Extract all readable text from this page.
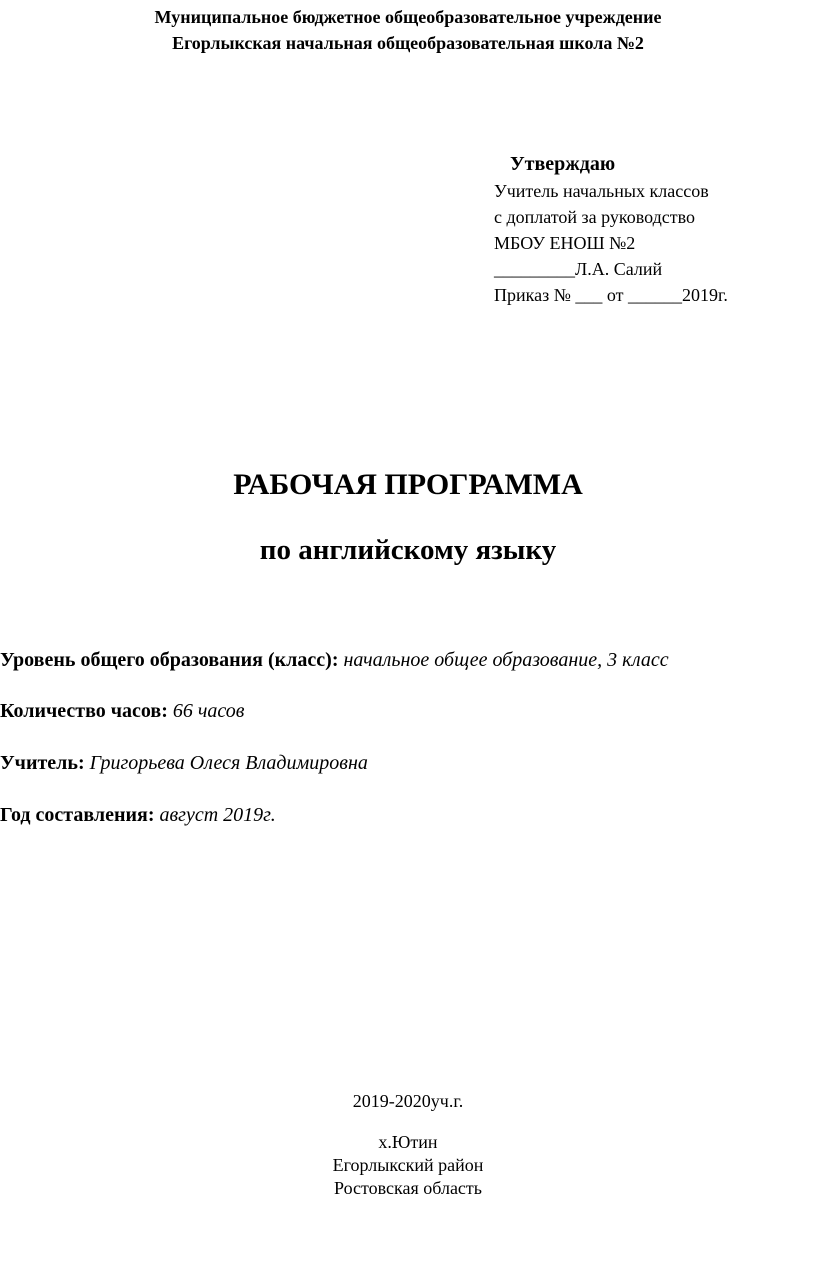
Муниципальное бюджетное общеобразовательное учреждение
Егорлыкская начальная общеобразовательная школа №2
Утверждаю
Учитель начальных классов
с доплатой за руководство
МБОУ ЕНОШ №2
_________Л.А. Салий
Приказ № ___ от ______2019г.
РАБОЧАЯ ПРОГРАММА
по английскому языку

Уровень общего образования (класс): начальное общее образование, 3 класс

Количество часов: 66 часов

Учитель: Григорьева Олеся Владимировна

Год составления: август 2019г.

2019-2020уч.г.
х.Ютин
Егорлыкский район
Ростовская область
